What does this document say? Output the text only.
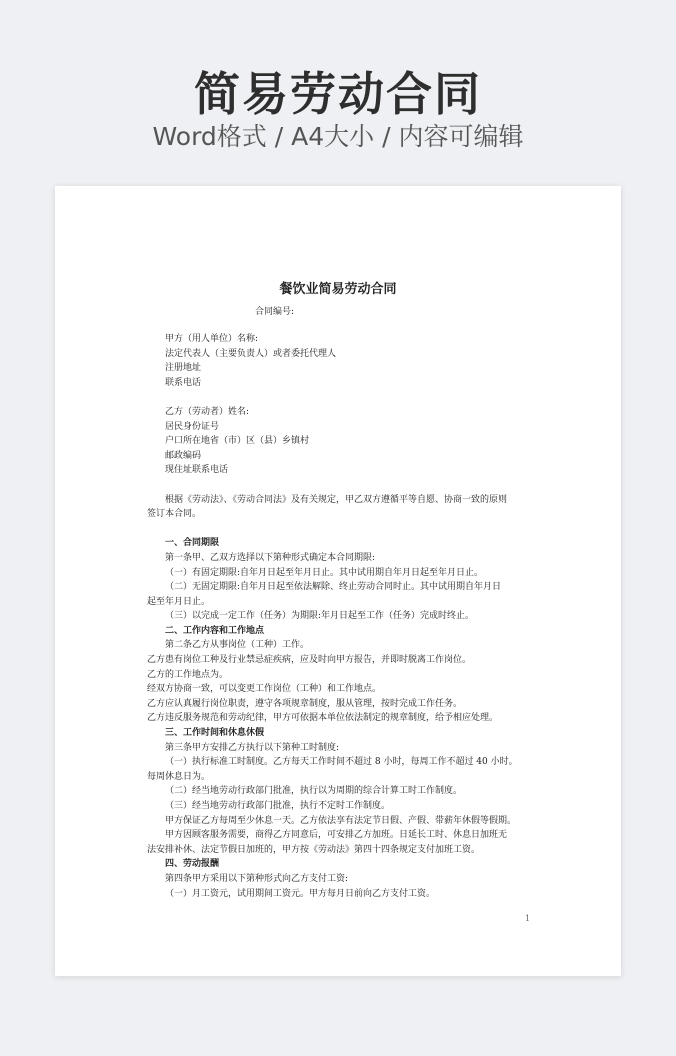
简易劳动合同
Word格式 / A4大小 / 内容可编辑
餐饮业简易劳动合同
合同编号:

甲方（用人单位）名称:

法定代表人（主要负责人）或者委托代理人

注册地址

联系电话

乙方（劳动者）姓名:

居民身份证号

户口所在地省（市）区（县）乡镇村

邮政编码

现住址联系电话

根据《劳动法》、《劳动合同法》及有关规定，甲乙双方遵循平等自愿、协商一致的原则

签订本合同。

一、合同期限

第一条甲、乙双方选择以下第种形式确定本合同期限:

（一）有固定期限:自年月日起至年月日止。其中试用期自年月日起至年月日止。

（二）无固定期限:自年月日起至依法解除、终止劳动合同时止。其中试用期自年月日

起至年月日止。

（三）以完成一定工作（任务）为期限:年月日起至工作（任务）完成时终止。

二、工作内容和工作地点

第二条乙方从事岗位（工种）工作。

乙方患有岗位工种及行业禁忌症疾病，应及时向甲方报告，并即时脱离工作岗位。

乙方的工作地点为。

经双方协商一致，可以变更工作岗位（工种）和工作地点。

乙方应认真履行岗位职责，遵守各项规章制度，服从管理，按时完成工作任务。

乙方违反服务规范和劳动纪律，甲方可依据本单位依法制定的规章制度，给予相应处理。

三、工作时间和休息休假

第三条甲方安排乙方执行以下第种工时制度:

（一）执行标准工时制度。乙方每天工作时间不超过 8 小时，每周工作不超过 40 小时。

每周休息日为。

（二）经当地劳动行政部门批准，执行以为周期的综合计算工时工作制度。

（三）经当地劳动行政部门批准，执行不定时工作制度。

甲方保证乙方每周至少休息一天。乙方依法享有法定节日假、产假、带薪年休假等假期。

甲方因顾客服务需要，商得乙方同意后，可安排乙方加班。日延长工时、休息日加班无

法安排补休、法定节假日加班的，甲方按《劳动法》第四十四条规定支付加班工资。

四、劳动报酬

第四条甲方采用以下第种形式向乙方支付工资:

（一）月工资元，试用期间工资元。甲方每月日前向乙方支付工资。

1
